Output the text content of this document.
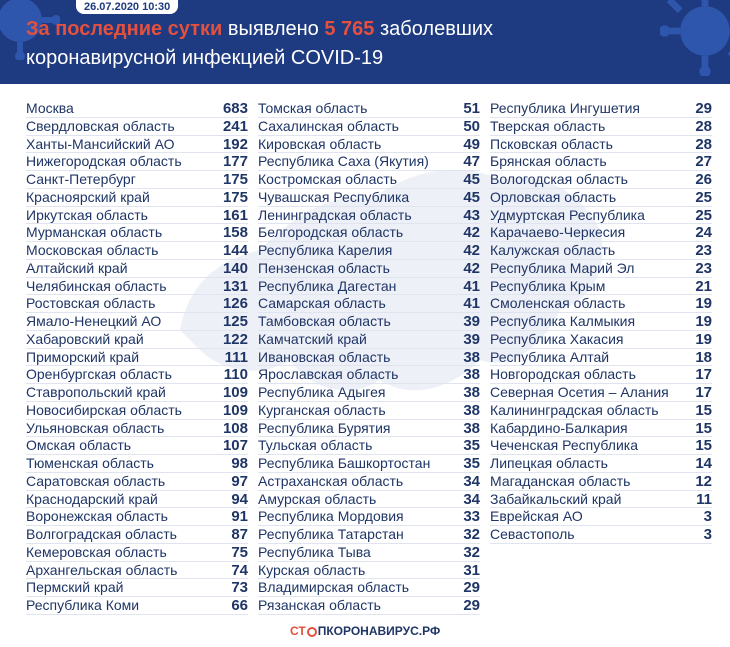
26.07.2020 10:30
За последние сутки выявлено 5 765 заболевших
коронавирусной инфекцией COVID-19
Москва	683
Свердловская область	241
Ханты-Мансийский АО	192
Нижегородская область	177
Санкт-Петербург	175
Красноярский край	175
Иркутская область	161
Мурманская область	158
Московская область	144
Алтайский край	140
Челябинская область	131
Ростовская область	126
Ямало-Ненецкий АО	125
Хабаровский край	122
Приморский край	111
Оренбургская область	110
Ставропольский край	109
Новосибирская область	109
Ульяновская область	108
Омская область	107
Тюменская область	98
Саратовская область	97
Краснодарский край	94
Воронежская область	91
Волгоградская область	87
Кемеровская область	75
Архангельская область	74
Пермский край	73
Республика Коми	66
Томская область	51
Сахалинская область	50
Кировская область	49
Республика Саха (Якутия) 47
Костромская область	45
Чувашская Республика	45
Ленинградская область	43
Белгородская область	42
Республика Карелия	42
Пензенская область	42
Республика Дагестан	41
Самарская область	41
Тамбовская область	39
Камчатский край	39
Ивановская область	38
Ярославская область	38
Республика Адыгея	38
Курганская область	38
Республика Бурятия	38
Тульская область	35
Республика Башкортостан 35
Астраханская область	34
Амурская область	34
Республика Мордовия	33
Республика Татарстан	32
Республика Тыва	32
Курская область	31
Владимирская область	29
Рязанская область	29
Республика Ингушетия	29
Тверская область	28
Псковская область	28
Брянская область	27
Вологодская область	26
Орловская область	25
Удмуртская Республика	25
Карачаево-Черкесия	24
Калужская область	23
Республика Марий Эл	23
Республика Крым	21
Смоленская область	19
Республика Калмыкия	19
Республика Хакасия	19
Республика Алтай	18
Новгородская область	17
Северная Осетия – Алания 17
Калининградская область 15
Кабардино-Балкария	15
Чеченская Республика	15
Липецкая область	14
Магаданская область	12
Забайкальский край	11
Еврейская АО	3
Севастополь	3
СТ ПКОРОНАВИРУС.РФ
